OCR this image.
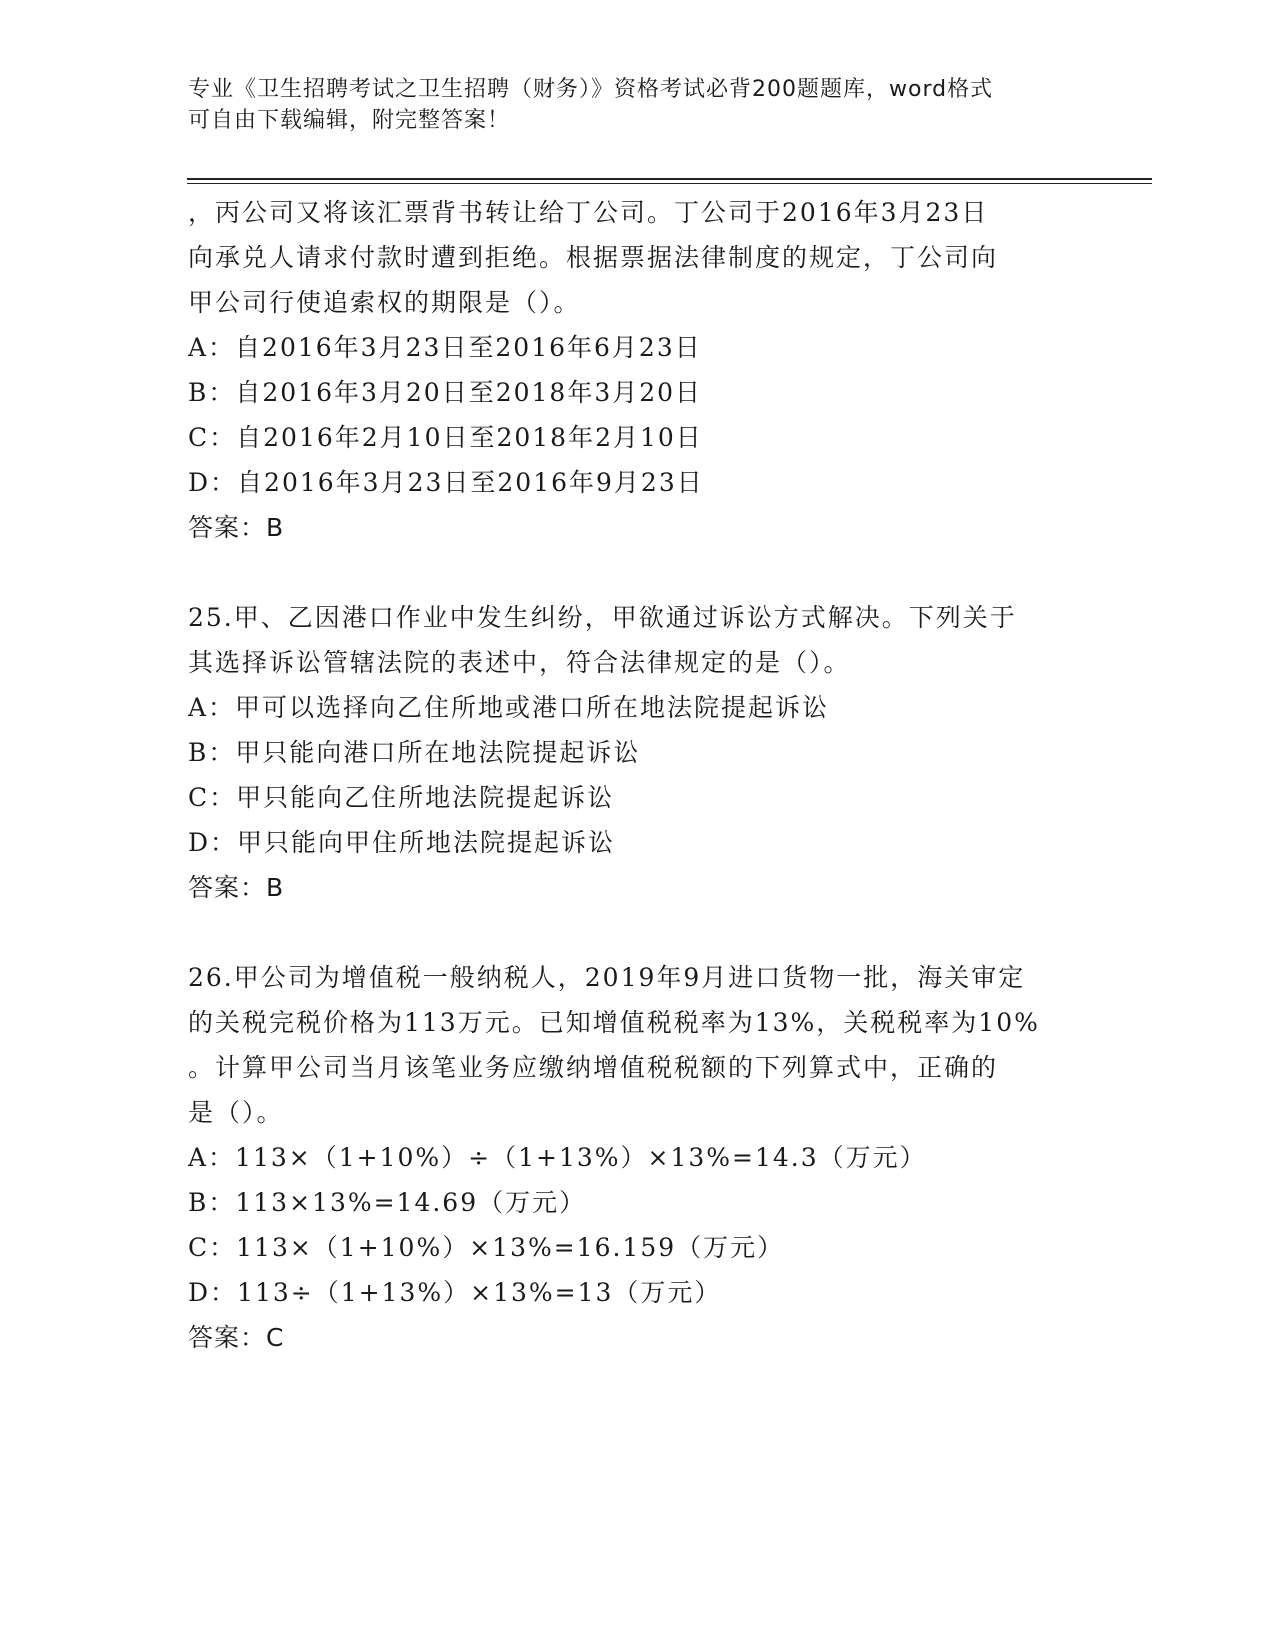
专业《卫生招聘考试之卫生招聘（财务）》资格考试必背200题题库，word格式
可自由下载编辑，附完整答案！
，丙公司又将该汇票背书转让给丁公司。丁公司于2016年3月23日
向承兑人请求付款时遭到拒绝。根据票据法律制度的规定，丁公司向
甲公司行使追索权的期限是（）。
A：自2016年3月23日至2016年6月23日
B：自2016年3月20日至2018年3月20日
C：自2016年2月10日至2018年2月10日
D：自2016年3月23日至2016年9月23日
答案：B
25.甲、乙因港口作业中发生纠纷，甲欲通过诉讼方式解决。下列关于
其选择诉讼管辖法院的表述中，符合法律规定的是（）。
A：甲可以选择向乙住所地或港口所在地法院提起诉讼
B：甲只能向港口所在地法院提起诉讼
C：甲只能向乙住所地法院提起诉讼
D：甲只能向甲住所地法院提起诉讼
答案：B
26.甲公司为增值税一般纳税人，2019年9月进口货物一批，海关审定
的关税完税价格为113万元。已知增值税税率为13%，关税税率为10%
。计算甲公司当月该笔业务应缴纳增值税税额的下列算式中，正确的
是（）。
A：113×（1+10%）÷（1+13%）×13%=14.3（万元）
B：113×13%=14.69（万元）
C：113×（1+10%）×13%=16.159（万元）
D：113÷（1+13%）×13%=13（万元）
答案：C
